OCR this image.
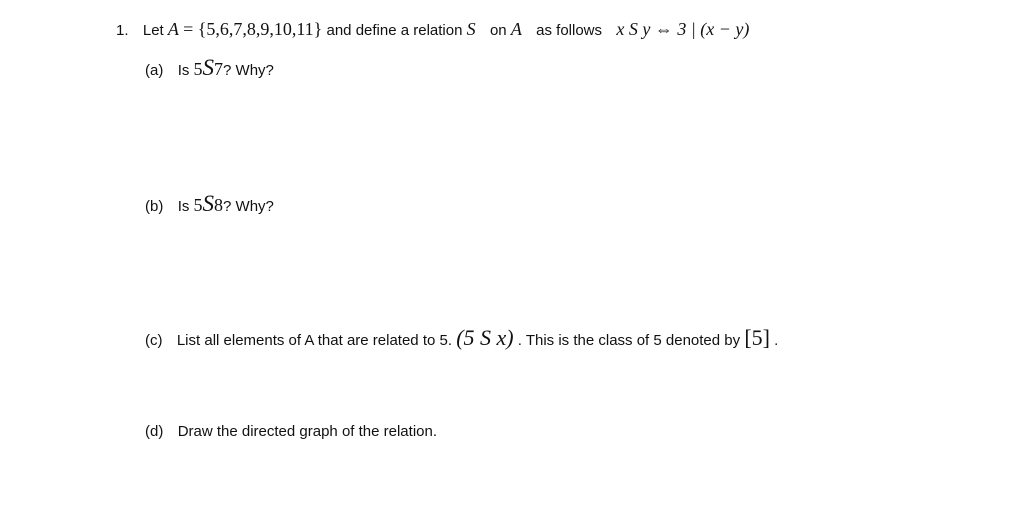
1. Let A = {5,6,7,8,9,10,11} and define a relation S on A as follows x S y ⇔ 3 | (x − y)
(a) Is 5S7? Why?
(b) Is 5S8? Why?
(c) List all elements of A that are related to 5. (5 S x) . This is the class of 5 denoted by [5] .
(d) Draw the directed graph of the relation.
